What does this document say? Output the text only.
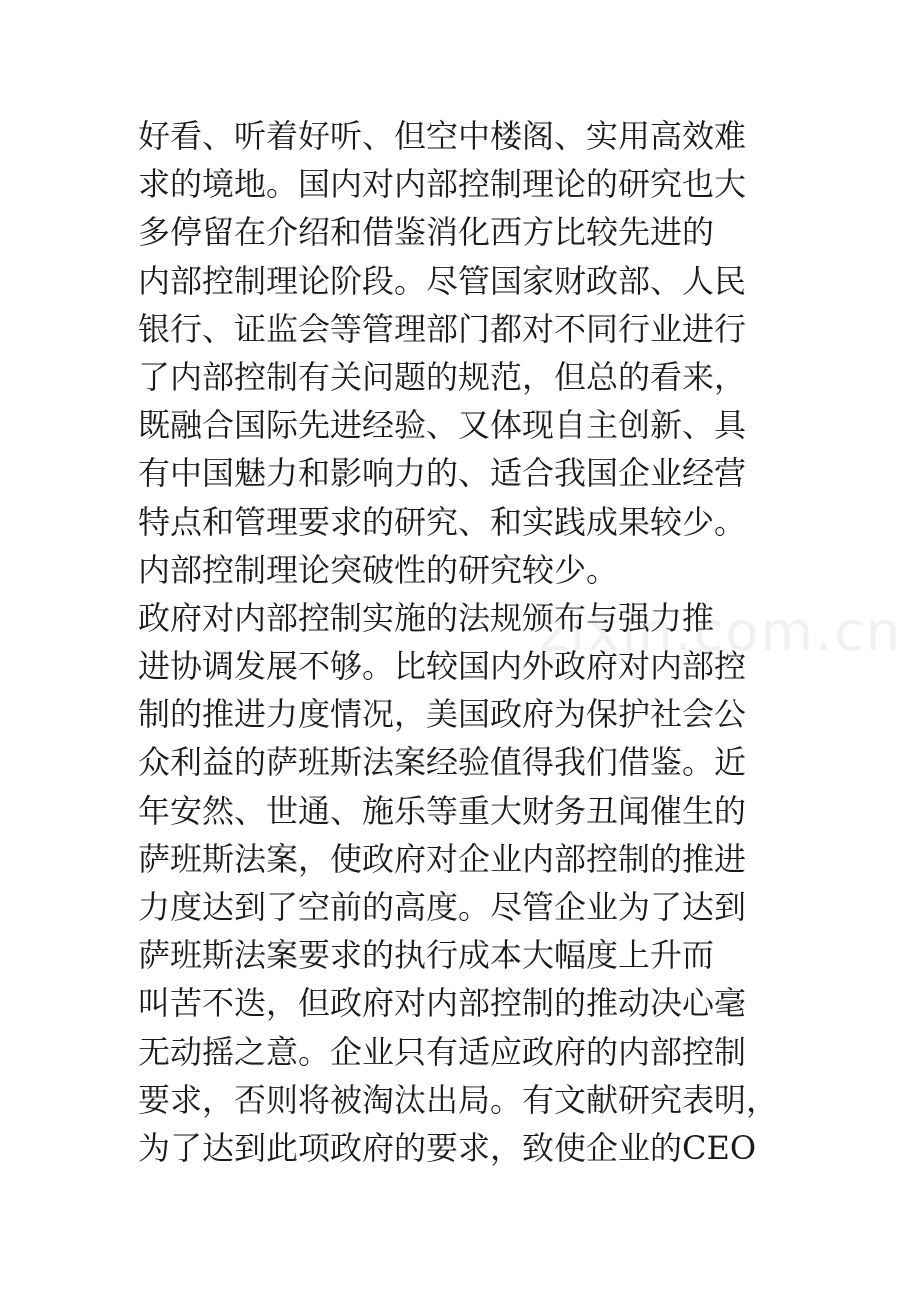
好看、听着好听、但空中楼阁、实用高效难
求的境地。国内对内部控制理论的研究也大
多停留在介绍和借鉴消化西方比较先进的
内部控制理论阶段。尽管国家财政部、人民
银行、证监会等管理部门都对不同行业进行
了内部控制有关问题的规范，但总的看来，
既融合国际先进经验、又体现自主创新、具
有中国魅力和影响力的、适合我国企业经营
特点和管理要求的研究、和实践成果较少。
内部控制理论突破性的研究较少。
政府对内部控制实施的法规颁布与强力推
进协调发展不够。比较国内外政府对内部控
制的推进力度情况，美国政府为保护社会公
众利益的萨班斯法案经验值得我们借鉴。近
年安然、世通、施乐等重大财务丑闻催生的
萨班斯法案，使政府对企业内部控制的推进
力度达到了空前的高度。尽管企业为了达到
萨班斯法案要求的执行成本大幅度上升而
叫苦不迭，但政府对内部控制的推动决心毫
无动摇之意。企业只有适应政府的内部控制
要求，否则将被淘汰出局。有文献研究表明，
为了达到此项政府的要求，致使企业的CEO
zixin.com.cn
